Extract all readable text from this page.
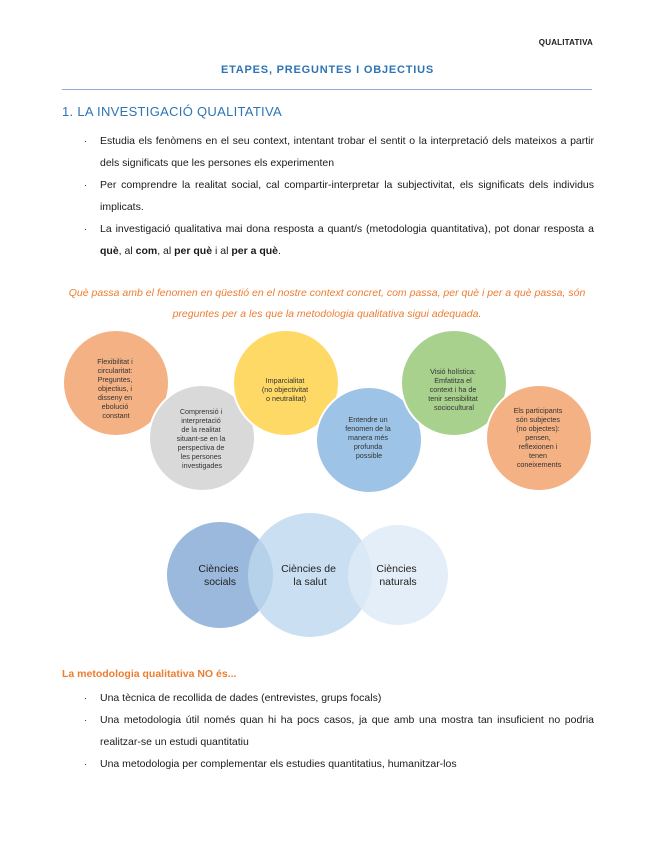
QUALITATIVA
ETAPES, PREGUNTES I OBJECTIUS
1. LA INVESTIGACIÓ QUALITATIVA
· Estudia els fenòmens en el seu context, intentant trobar el sentit o la interpretació dels mateixos a partir dels significats que les persones els experimenten
· Per comprendre la realitat social, cal compartir-interpretar la subjectivitat, els significats dels individus implicats.
· La investigació qualitativa mai dona resposta a quant/s (metodologia quantitativa), pot donar resposta a què, al com, al per què i al per a què.
Què passa amb el fenomen en qüestió en el nostre context concret, com passa, per què i per a què passa, són preguntes per a les que la metodologia qualitativa sigui adequada.
Flexibilitat i circularitat: Preguntes, objectius, i disseny en ebolució constant	Comprensió i interpretació de la realitat situant-se en la perspectiva de les persones investigades
Imparcialitat (no objectivitat o neutralitat)
Entendre un fenomen de la manera més profunda possible
Visió holística: Emfatitza el context i ha de tenir sensibilitat sociocultural	Els participants són subjectes (no objectes): pensen, reflexionen i tenen coneixements
Ciències socials
Ciències de la salut
Ciències naturals
La metodologia qualitativa NO és...
· Una tècnica de recollida de dades (entrevistes, grups focals)
· Una metodologia útil només quan hi ha pocs casos, ja que amb una mostra tan insuficient no podria realitzar-se un estudi quantitatiu
· Una metodologia per complementar els estudies quantitatius, humanitzar-los
